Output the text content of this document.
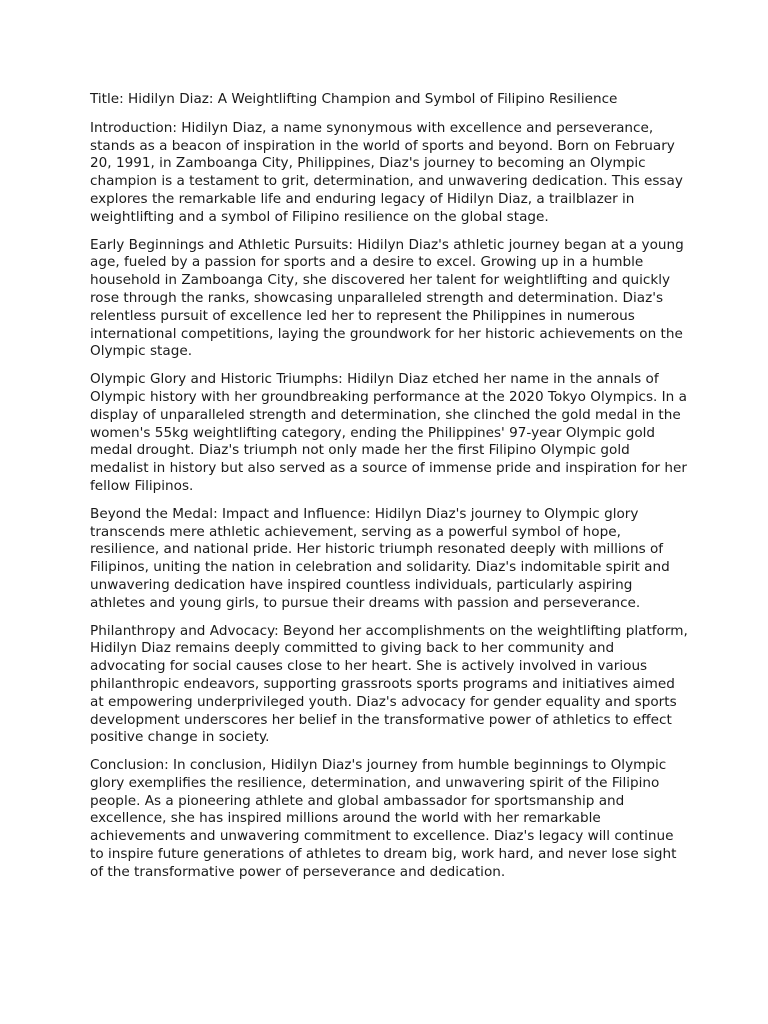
Title: Hidilyn Diaz: A Weightlifting Champion and Symbol of Filipino Resilience

Introduction: Hidilyn Diaz, a name synonymous with excellence and perseverance, stands as a beacon of inspiration in the world of sports and beyond. Born on February 20, 1991, in Zamboanga City, Philippines, Diaz's journey to becoming an Olympic champion is a testament to grit, determination, and unwavering dedication. This essay explores the remarkable life and enduring legacy of Hidilyn Diaz, a trailblazer in weightlifting and a symbol of Filipino resilience on the global stage.

Early Beginnings and Athletic Pursuits: Hidilyn Diaz's athletic journey began at a young age, fueled by a passion for sports and a desire to excel. Growing up in a humble household in Zamboanga City, she discovered her talent for weightlifting and quickly rose through the ranks, showcasing unparalleled strength and determination. Diaz's relentless pursuit of excellence led her to represent the Philippines in numerous international competitions, laying the groundwork for her historic achievements on the Olympic stage.

Olympic Glory and Historic Triumphs: Hidilyn Diaz etched her name in the annals of Olympic history with her groundbreaking performance at the 2020 Tokyo Olympics. In a display of unparalleled strength and determination, she clinched the gold medal in the women's 55kg weightlifting category, ending the Philippines' 97-year Olympic gold medal drought. Diaz's triumph not only made her the first Filipino Olympic gold medalist in history but also served as a source of immense pride and inspiration for her fellow Filipinos.

Beyond the Medal: Impact and Influence: Hidilyn Diaz's journey to Olympic glory transcends mere athletic achievement, serving as a powerful symbol of hope, resilience, and national pride. Her historic triumph resonated deeply with millions of Filipinos, uniting the nation in celebration and solidarity. Diaz's indomitable spirit and unwavering dedication have inspired countless individuals, particularly aspiring athletes and young girls, to pursue their dreams with passion and perseverance.

Philanthropy and Advocacy: Beyond her accomplishments on the weightlifting platform, Hidilyn Diaz remains deeply committed to giving back to her community and advocating for social causes close to her heart. She is actively involved in various philanthropic endeavors, supporting grassroots sports programs and initiatives aimed at empowering underprivileged youth. Diaz's advocacy for gender equality and sports development underscores her belief in the transformative power of athletics to effect positive change in society.

Conclusion: In conclusion, Hidilyn Diaz's journey from humble beginnings to Olympic glory exemplifies the resilience, determination, and unwavering spirit of the Filipino people. As a pioneering athlete and global ambassador for sportsmanship and excellence, she has inspired millions around the world with her remarkable achievements and unwavering commitment to excellence. Diaz's legacy will continue to inspire future generations of athletes to dream big, work hard, and never lose sight of the transformative power of perseverance and dedication.
